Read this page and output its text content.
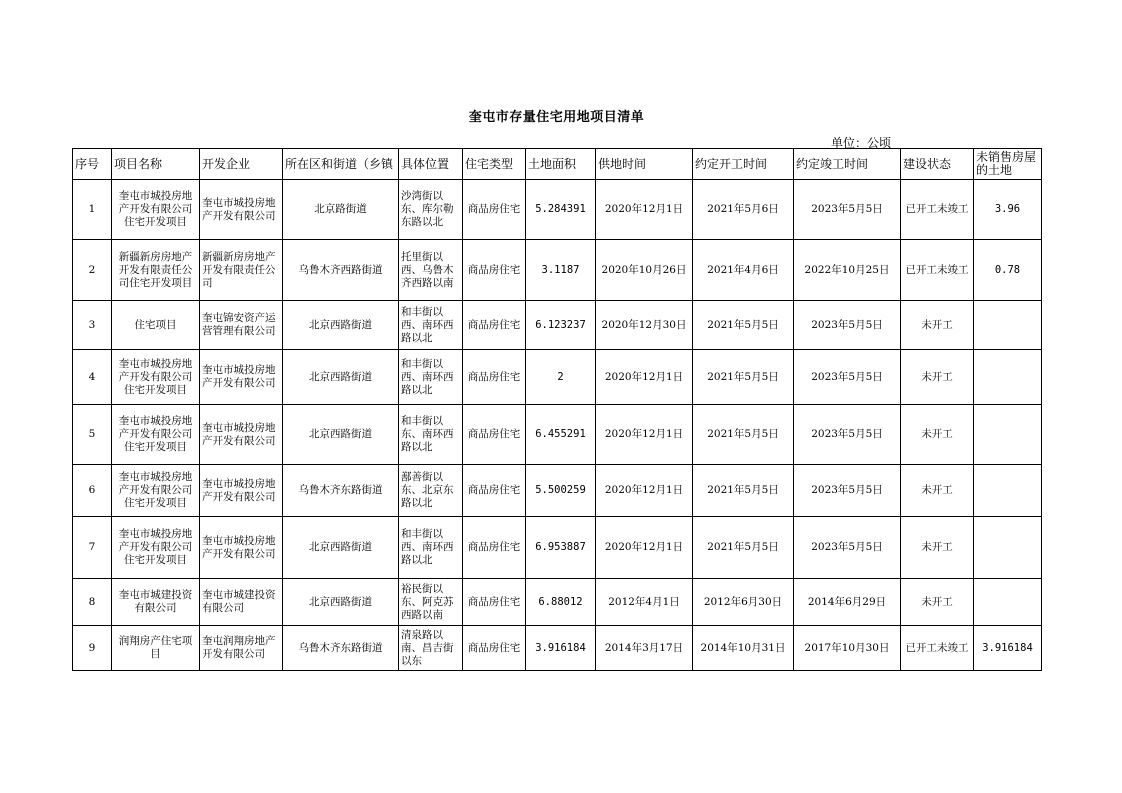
奎屯市存量住宅用地项目清单
单位：公顷
序号	项目名称	开发企业	所在区和街道（乡镇	具体位置	住宅类型	土地面积	供地时间	约定开工时间	约定竣工时间	建设状态	未销售房屋的土地
1	奎屯市城投房地产开发有限公司住宅开发项目	奎屯市城投房地产开发有限公司	北京路街道	沙湾街以东、库尔勒东路以北	商品房住宅	5.284391	2020年12月1日	2021年5月6日	2023年5月5日	已开工未竣工	3.96
2	新疆新房房地产开发有限责任公司住宅开发项目	新疆新房房地产开发有限责任公司	乌鲁木齐西路街道	托里街以西、乌鲁木齐西路以南	商品房住宅	3.1187	2020年10月26日	2021年4月6日	2022年10月25日	已开工未竣工	0.78
3	住宅项目	奎屯锦安资产运营管理有限公司	北京西路街道	和丰街以西、南环西路以北	商品房住宅	6.123237	2020年12月30日	2021年5月5日	2023年5月5日	未开工	
4	奎屯市城投房地产开发有限公司住宅开发项目	奎屯市城投房地产开发有限公司	北京西路街道	和丰街以西、南环西路以北	商品房住宅	2	2020年12月1日	2021年5月5日	2023年5月5日	未开工	
5	奎屯市城投房地产开发有限公司住宅开发项目	奎屯市城投房地产开发有限公司	北京西路街道	和丰街以东、南环西路以北	商品房住宅	6.455291	2020年12月1日	2021年5月5日	2023年5月5日	未开工	
6	奎屯市城投房地产开发有限公司住宅开发项目	奎屯市城投房地产开发有限公司	乌鲁木齐东路街道	鄯善街以东、北京东路以北	商品房住宅	5.500259	2020年12月1日	2021年5月5日	2023年5月5日	未开工	
7	奎屯市城投房地产开发有限公司住宅开发项目	奎屯市城投房地产开发有限公司	北京西路街道	和丰街以西、南环西路以北	商品房住宅	6.953887	2020年12月1日	2021年5月5日	2023年5月5日	未开工	
8	奎屯市城建投资有限公司	奎屯市城建投资有限公司	北京西路街道	裕民街以东、阿克苏西路以南	商品房住宅	6.88012	2012年4月1日	2012年6月30日	2014年6月29日	未开工	
9	润翔房产住宅项目	奎屯润翔房地产开发有限公司	乌鲁木齐东路街道	清泉路以南、昌吉街以东	商品房住宅	3.916184	2014年3月17日	2014年10月31日	2017年10月30日	已开工未竣工	3.916184
